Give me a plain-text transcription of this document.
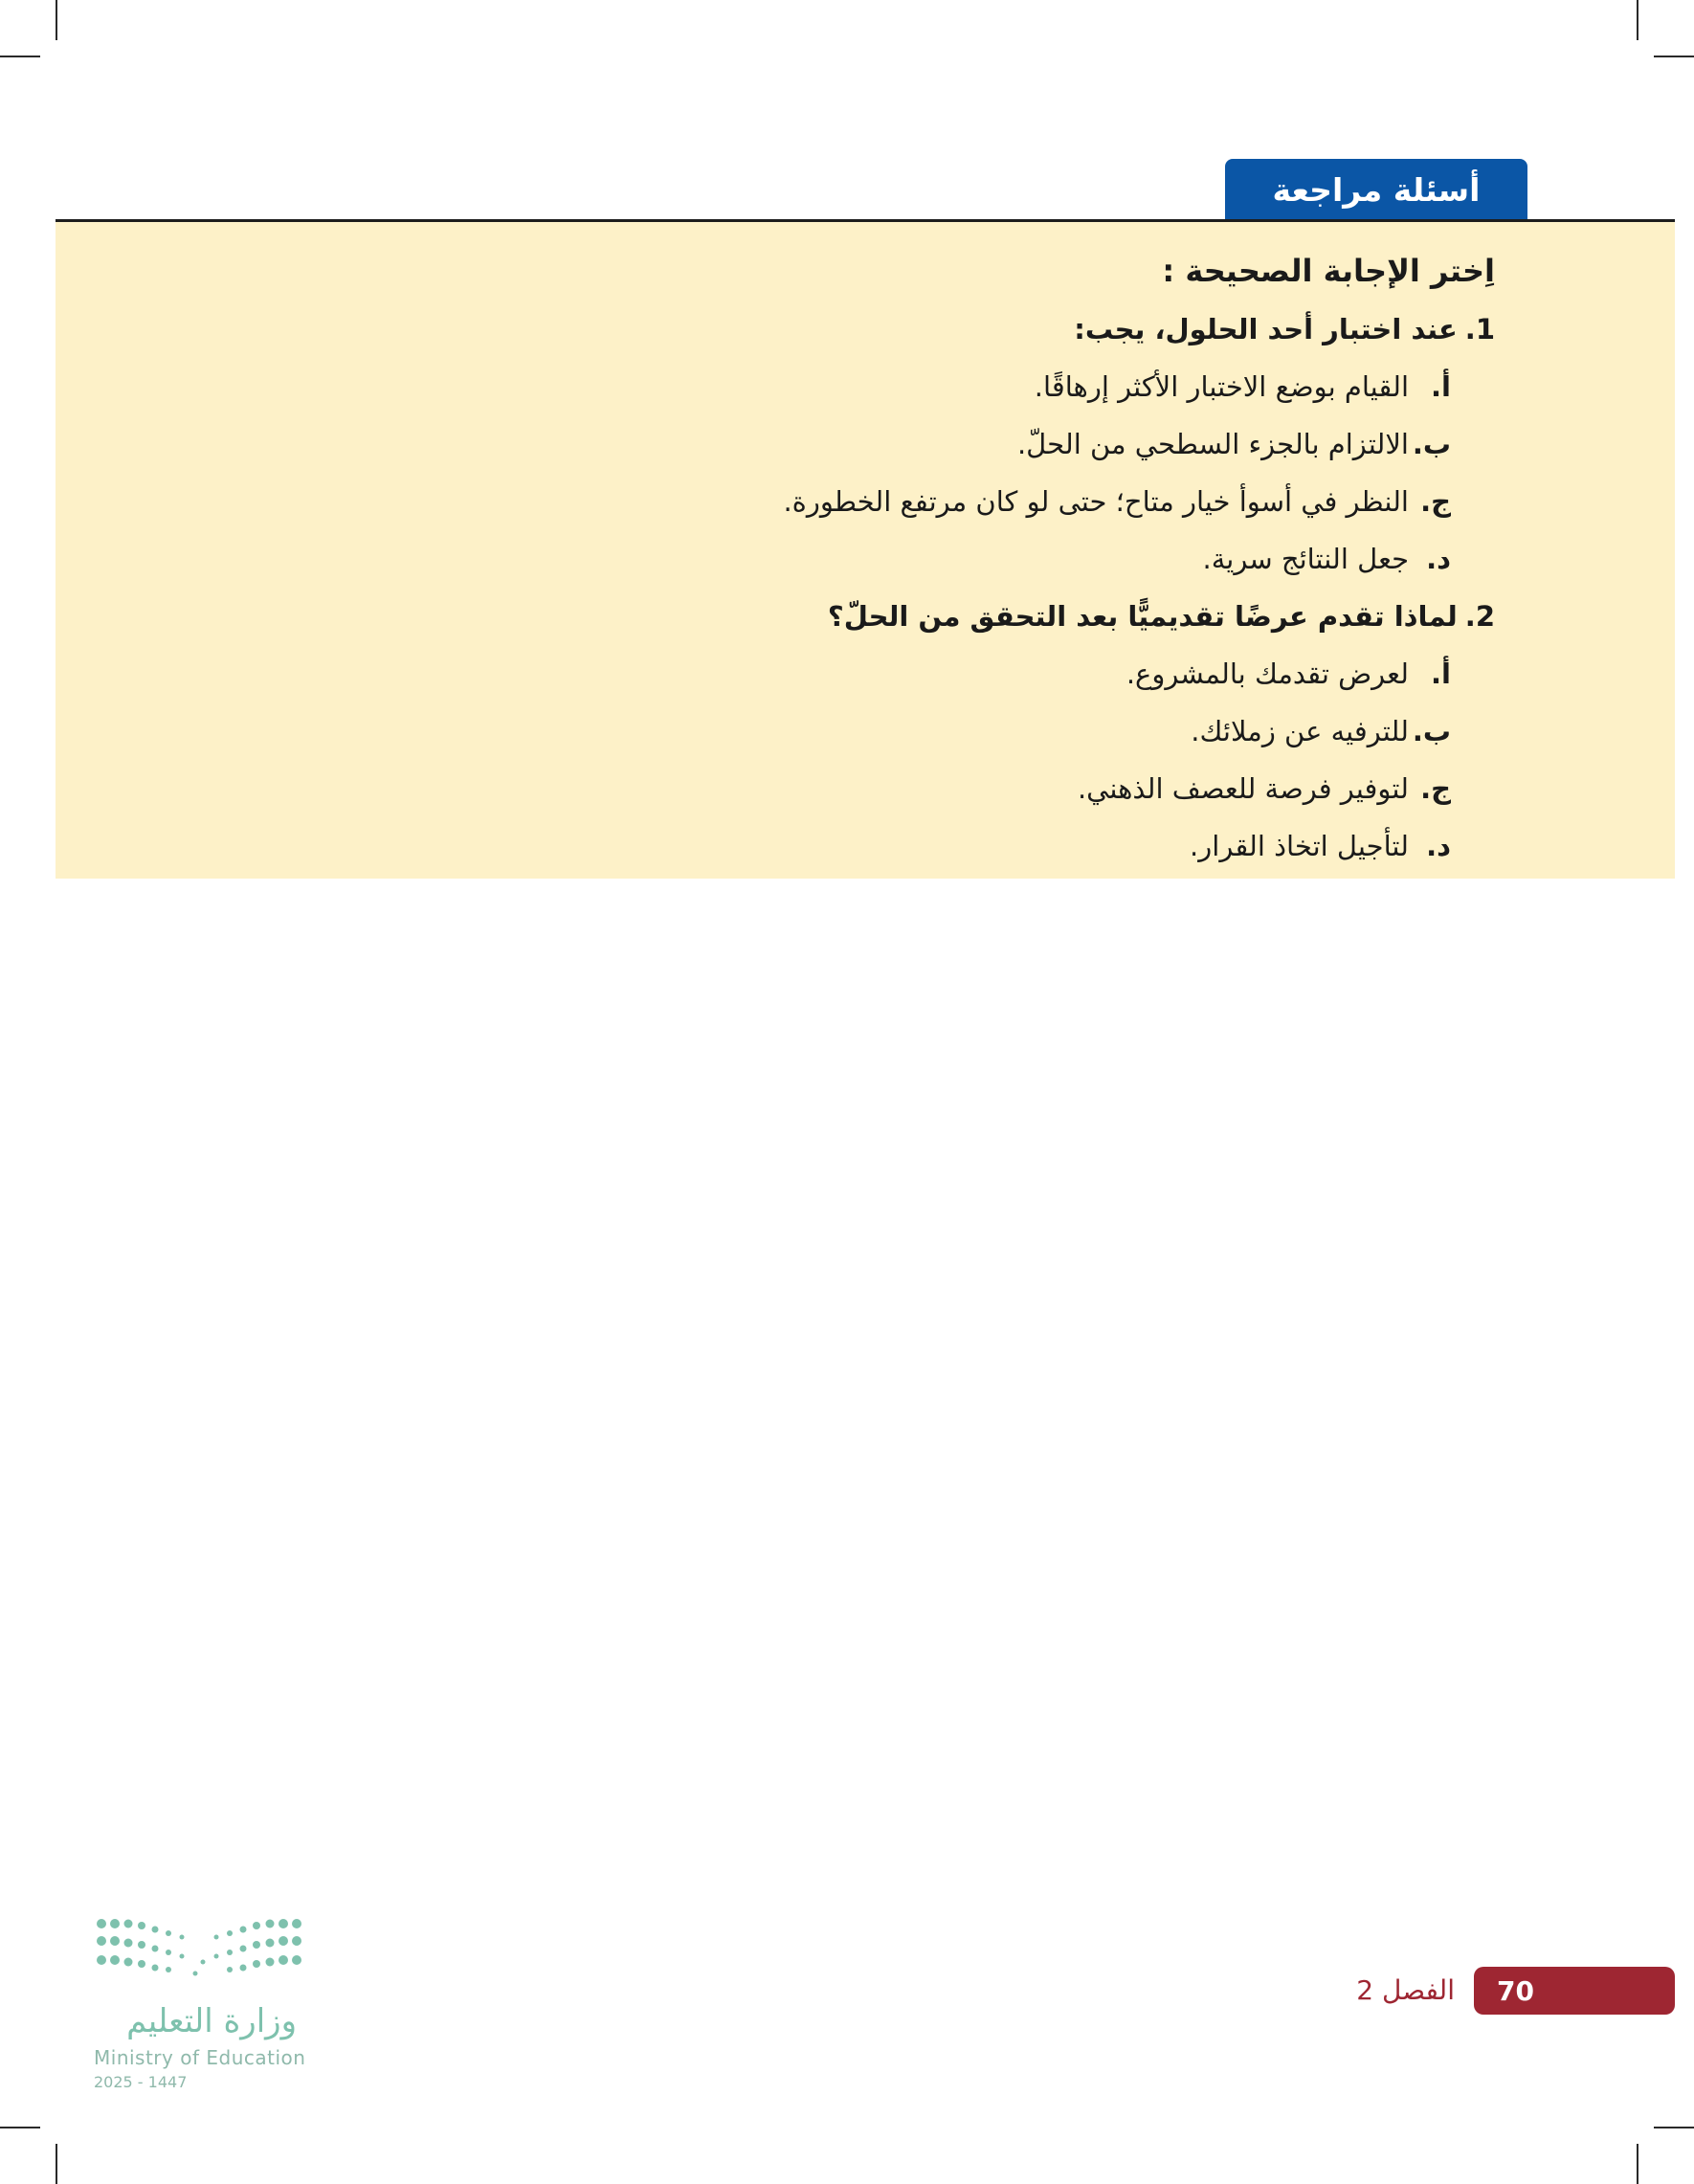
أسئلة مراجعة
اِختر الإجابة الصحيحة :
1.عند اختبار أحد الحلول، يجب:
أ.القيام بوضع الاختبار الأكثر إرهاقًا.
ب.الالتزام بالجزء السطحي من الحلّ.
ج.النظر في أسوأ خيار متاح؛ حتى لو كان مرتفع الخطورة.
د.جعل النتائج سرية.
2.لماذا تقدم عرضًا تقديميًّا بعد التحقق من الحلّ؟
أ.لعرض تقدمك بالمشروع.
ب.للترفيه عن زملائك.
ج.لتوفير فرصة للعصف الذهني.
د.لتأجيل اتخاذ القرار.
الفصل 2	70
وزارة التعليم
Ministry of Education
2025 - 1447
